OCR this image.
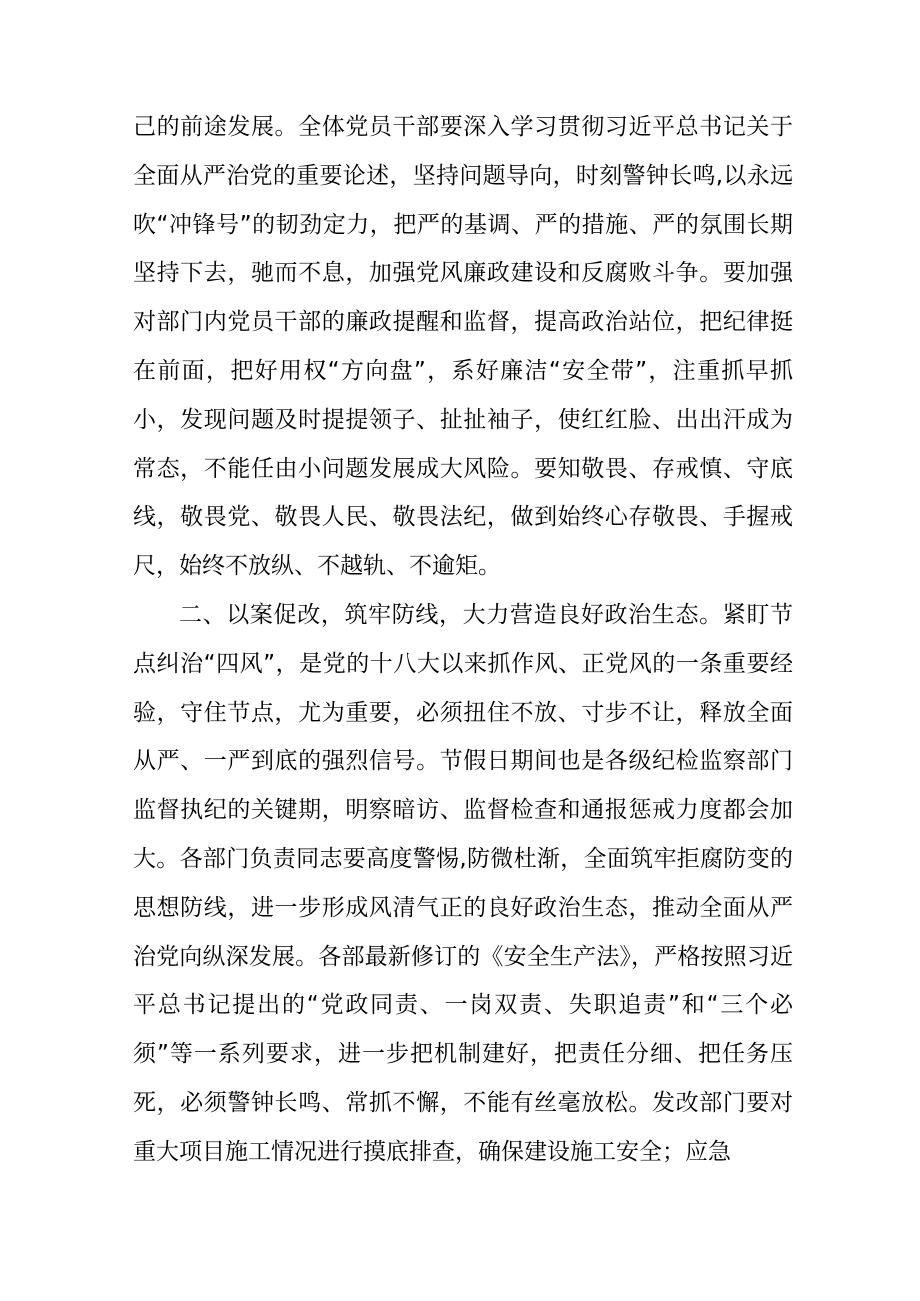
己的前途发展。全体党员干部要深入学习贯彻习近平总书记关于全面从严治党的重要论述，坚持问题导向，时刻警钟长鸣,以永远吹“冲锋号”的韧劲定力，把严的基调、严的措施、严的氛围长期坚持下去，驰而不息，加强党风廉政建设和反腐败斗争。要加强对部门内党员干部的廉政提醒和监督，提高政治站位，把纪律挺在前面，把好用权“方向盘”，系好廉洁“安全带”，注重抓早抓小，发现问题及时提提领子、扯扯袖子，使红红脸、出出汗成为常态，不能任由小问题发展成大风险。要知敬畏、存戒慎、守底线，敬畏党、敬畏人民、敬畏法纪，做到始终心存敬畏、手握戒尺，始终不放纵、不越轨、不逾矩。

二、以案促改，筑牢防线，大力营造良好政治生态。紧盯节点纠治“四风”，是党的十八大以来抓作风、正党风的一条重要经验，守住节点，尤为重要，必须扭住不放、寸步不让，释放全面从严、一严到底的强烈信号。节假日期间也是各级纪检监察部门监督执纪的关键期，明察暗访、监督检查和通报惩戒力度都会加大。各部门负责同志要高度警惕,防微杜渐，全面筑牢拒腐防变的思想防线，进一步形成风清气正的良好政治生态，推动全面从严治党向纵深发展。各部最新修订的《安全生产法》，严格按照习近平总书记提出的“党政同责、一岗双责、失职追责”和“三个必须”等一系列要求，进一步把机制建好，把责任分细、把任务压死，必须警钟长鸣、常抓不懈，不能有丝毫放松。发改部门要对重大项目施工情况进行摸底排查，确保建设施工安全；应急
